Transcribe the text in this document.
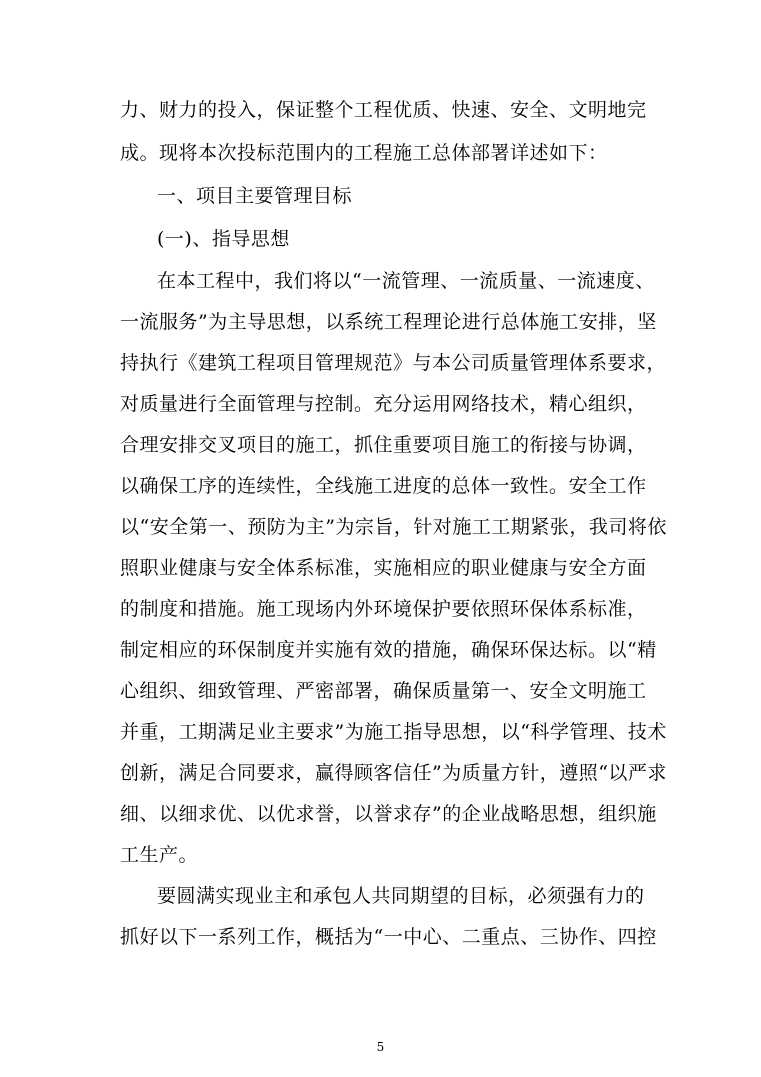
力、财力的投入，保证整个工程优质、快速、安全、文明地完
成。现将本次投标范围内的工程施工总体部署详述如下：
一、项目主要管理目标
(一)、指导思想
在本工程中，我们将以“一流管理、一流质量、一流速度、
一流服务”为主导思想，以系统工程理论进行总体施工安排，坚
持执行《建筑工程项目管理规范》与本公司质量管理体系要求，
对质量进行全面管理与控制。充分运用网络技术，精心组织，
合理安排交叉项目的施工，抓住重要项目施工的衔接与协调，
以确保工序的连续性，全线施工进度的总体一致性。安全工作
以“安全第一、预防为主”为宗旨，针对施工工期紧张，我司将依
照职业健康与安全体系标准，实施相应的职业健康与安全方面
的制度和措施。施工现场内外环境保护要依照环保体系标准，
制定相应的环保制度并实施有效的措施，确保环保达标。以“精
心组织、细致管理、严密部署，确保质量第一、安全文明施工
并重，工期满足业主要求”为施工指导思想，以“科学管理、技术
创新，满足合同要求，赢得顾客信任”为质量方针，遵照“以严求
细、以细求优、以优求誉，以誉求存”的企业战略思想，组织施
工生产。
要圆满实现业主和承包人共同期望的目标，必须强有力的
抓好以下一系列工作，概括为“一中心、二重点、三协作、四控
5
